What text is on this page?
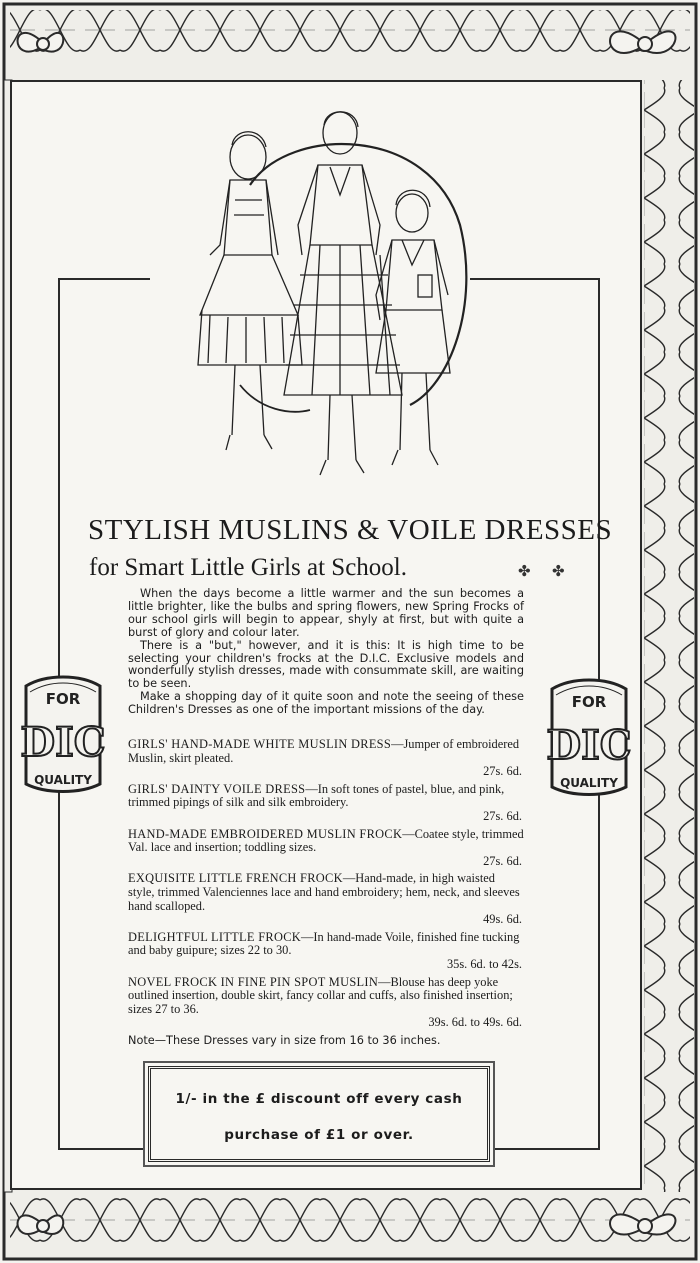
STYLISH MUSLINS & VOILE DRESSES
for Smart Little Girls at School.	✤ ✤

When the days become a little warmer and the sun becomes a little brighter, like the bulbs and spring flowers, new Spring Frocks of our school girls will begin to appear, shyly at first, but with quite a burst of glory and colour later.

There is a "but," however, and it is this: It is high time to be selecting your children's frocks at the D.I.C. Exclusive models and wonderfully stylish dresses, made with consummate skill, are waiting to be seen.

Make a shopping day of it quite soon and note the seeing of these Children's Dresses as one of the important missions of the day.

GIRLS' HAND-MADE WHITE MUSLIN DRESS—Jumper of embroidered Muslin, skirt pleated.
27s. 6d.
GIRLS' DAINTY VOILE DRESS—In soft tones of pastel, blue, and pink, trimmed pipings of silk and silk embroidery.
27s. 6d.
HAND-MADE EMBROIDERED MUSLIN FROCK—Coatee style, trimmed Val. lace and insertion; toddling sizes.
27s. 6d.
EXQUISITE LITTLE FRENCH FROCK—Hand-made, in high waisted style, trimmed Valenciennes lace and hand embroidery; hem, neck, and sleeves hand scalloped.
49s. 6d.
DELIGHTFUL LITTLE FROCK—In hand-made Voile, finished fine tucking and baby guipure; sizes 22 to 30.
35s. 6d. to 42s.
NOVEL FROCK IN FINE PIN SPOT MUSLIN—Blouse has deep yoke outlined insertion, double skirt, fancy collar and cuffs, also finished insertion; sizes 27 to 36.
39s. 6d. to 49s. 6d.
Note—These Dresses vary in size from 16 to 36 inches.
FOR
DIC
QUALITY
FOR
DIC
QUALITY
1/- in the £ discount off every cash
purchase of £1 or over.
